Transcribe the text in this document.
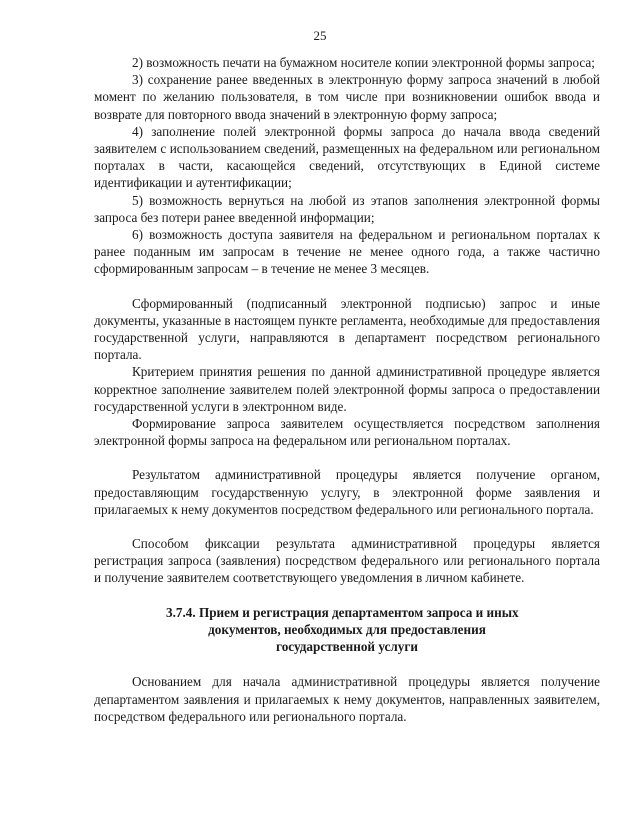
25

2) возможность печати на бумажном носителе копии электронной формы запроса;

3) сохранение ранее введенных в электронную форму запроса значений в любой момент по желанию пользователя, в том числе при возникновении ошибок ввода и возврате для повторного ввода значений в электронную форму запроса;

4) заполнение полей электронной формы запроса до начала ввода сведений заявителем с использованием сведений, размещенных на федеральном или региональном порталах в части, касающейся сведений, отсутствующих в Единой системе идентификации и аутентификации;

5) возможность вернуться на любой из этапов заполнения электронной формы запроса без потери ранее введенной информации;

6) возможность доступа заявителя на федеральном и региональном порталах к ранее поданным им запросам в течение не менее одного года, а также частично сформированным запросам – в течение не менее 3 месяцев.

Сформированный (подписанный электронной подписью) запрос и иные документы, указанные в настоящем пункте регламента, необходимые для предоставления государственной услуги, направляются в департамент посредством регионального портала.

Критерием принятия решения по данной административной процедуре является корректное заполнение заявителем полей электронной формы запроса о предоставлении государственной услуги в электронном виде.

Формирование запроса заявителем осуществляется посредством заполнения электронной формы запроса на федеральном или региональном порталах.

Результатом административной процедуры является получение органом, предоставляющим государственную услугу, в электронной форме заявления и прилагаемых к нему документов посредством федерального или регионального портала.

Способом фиксации результата административной процедуры является регистрация запроса (заявления) посредством федерального или регионального портала и получение заявителем соответствующего уведомления в личном кабинете.

3.7.4. Прием и регистрация департаментом запроса и иных
документов, необходимых для предоставления
государственной услуги

Основанием для начала административной процедуры является получение департаментом заявления и прилагаемых к нему документов, направленных заявителем, посредством федерального или регионального портала.
